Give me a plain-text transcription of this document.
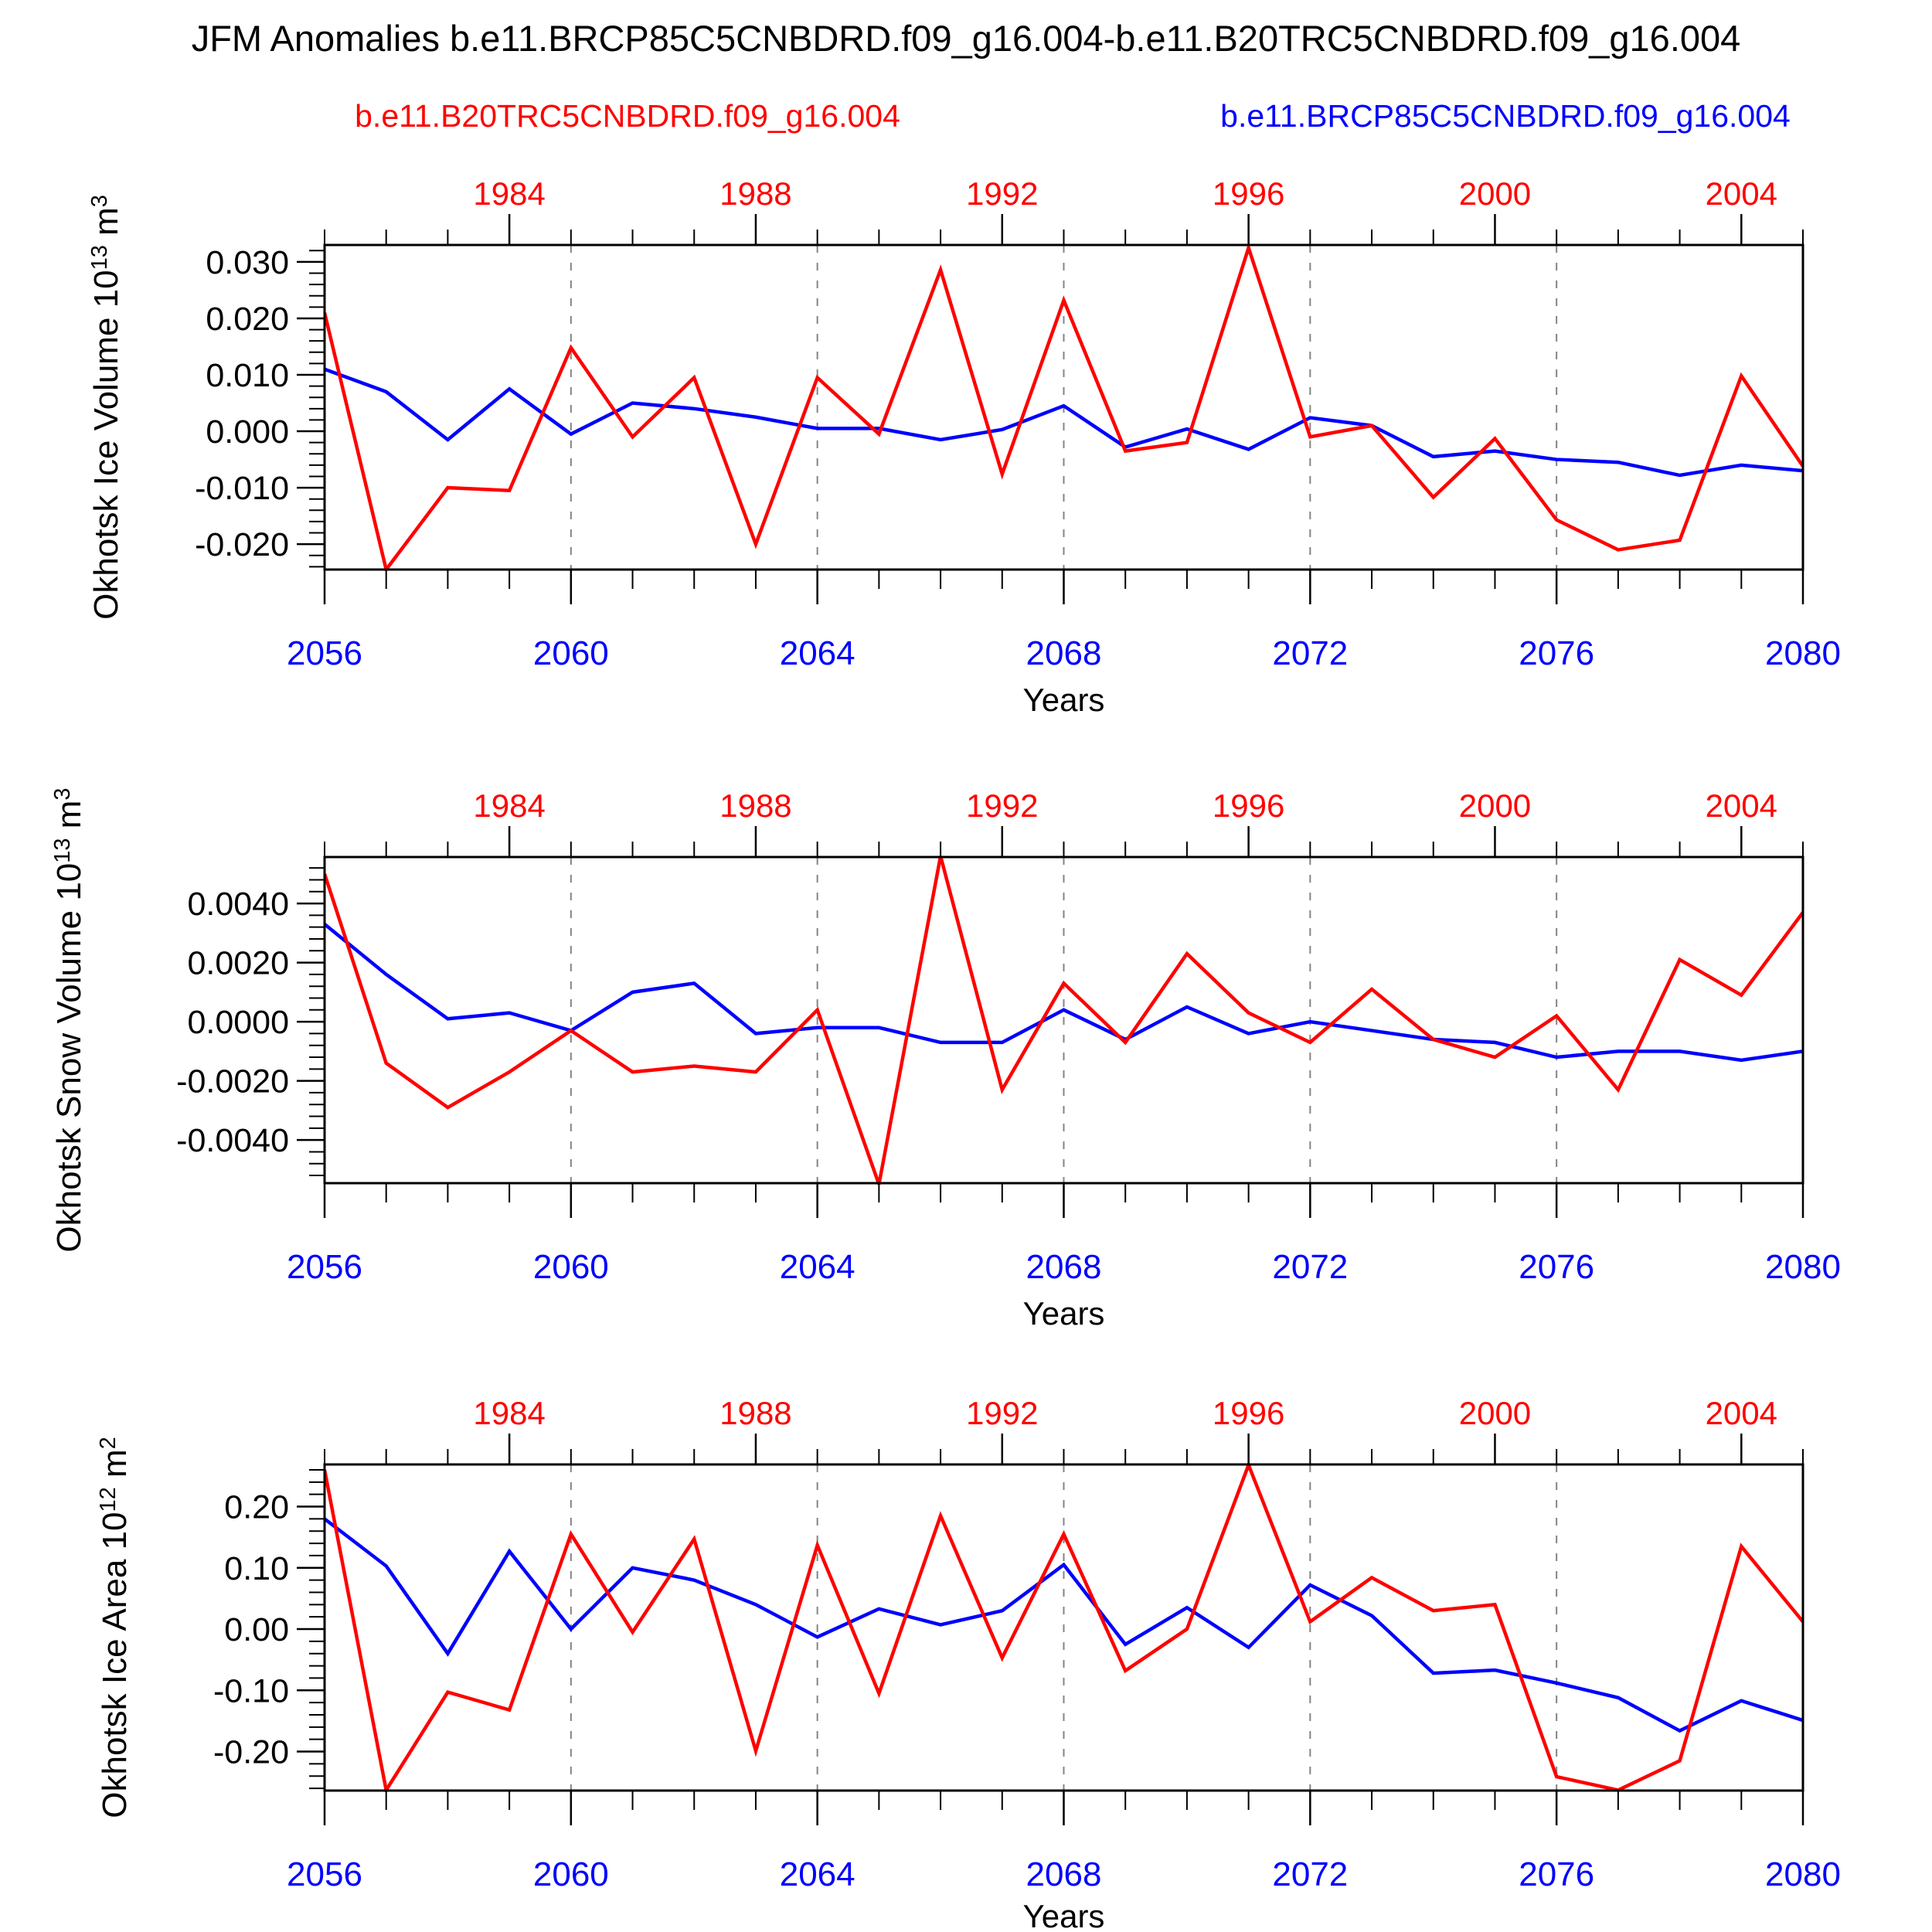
JFM Anomalies b.e11.BRCP85C5CNBDRD.f09_g16.004-b.e11.B20TRC5CNBDRD.f09_g16.004
b.e11.B20TRC5CNBDRD.f09_g16.004	b.e11.BRCP85C5CNBDRD.f09_g16.004
0.030
0.020
0.010
0.000
-0.010
-0.020
2056	2060	2064	2068	2072	2076	2080
1984	1988	1992	1996	2000	2004
Years
Okhotsk Ice Volume $10^{13}$ $m^3$
0.0040
0.0020
0.0000
-0.0020
-0.0040
2056	2060	2064	2068	2072	2076	2080
1984	1988	1992	1996	2000	2004
Years
Okhotsk Snow Volume $10^{13}$ $m^3$
0.20
0.10
0.00
-0.10
-0.20
2056	2060	2064	2068	2072	2076	2080
1984	1988	1992	1996	2000	2004
Years
Okhotsk Ice Area $10^{12}$ $m^2$
